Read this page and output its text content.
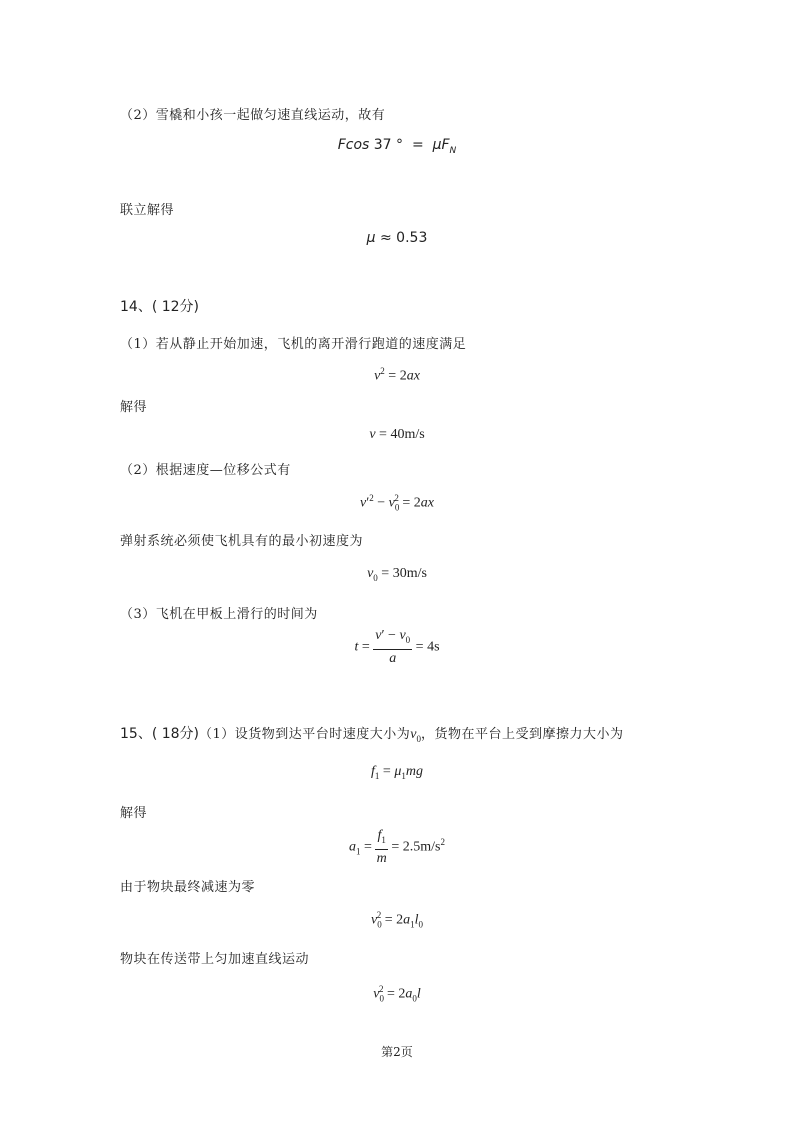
（2）雪橇和小孩一起做匀速直线运动，故有
Fcos 37 °  =  $\mu F_N$
联立解得
μ ≈ 0.53
14、( 12分)
（1）若从静止开始加速，飞机的离开滑行跑道的速度满足
$v^2 = 2ax$
解得
v = 40m/s
（2）根据速度—位移公式有
$v'^2 - v_0^2 = 2ax$
弹射系统必须使飞机具有的最小初速度为
$v_0 = 30m/s$
（3）飞机在甲板上滑行的时间为
$t = \frac{v' - v_0}{a} = 4s$
15、( 18分)（1）设货物到达平台时速度大小为$v_0$，货物在平台上受到摩擦力大小为
$f_1 = \mu_1mg$
解得
$a_1 = \frac{f_1}{m} = 2.5m/s^2$
由于物块最终减速为零
$v_0^2 = 2a_1l_0$
物块在传送带上匀加速直线运动
$v_0^2 = 2a_0l$
第2页
